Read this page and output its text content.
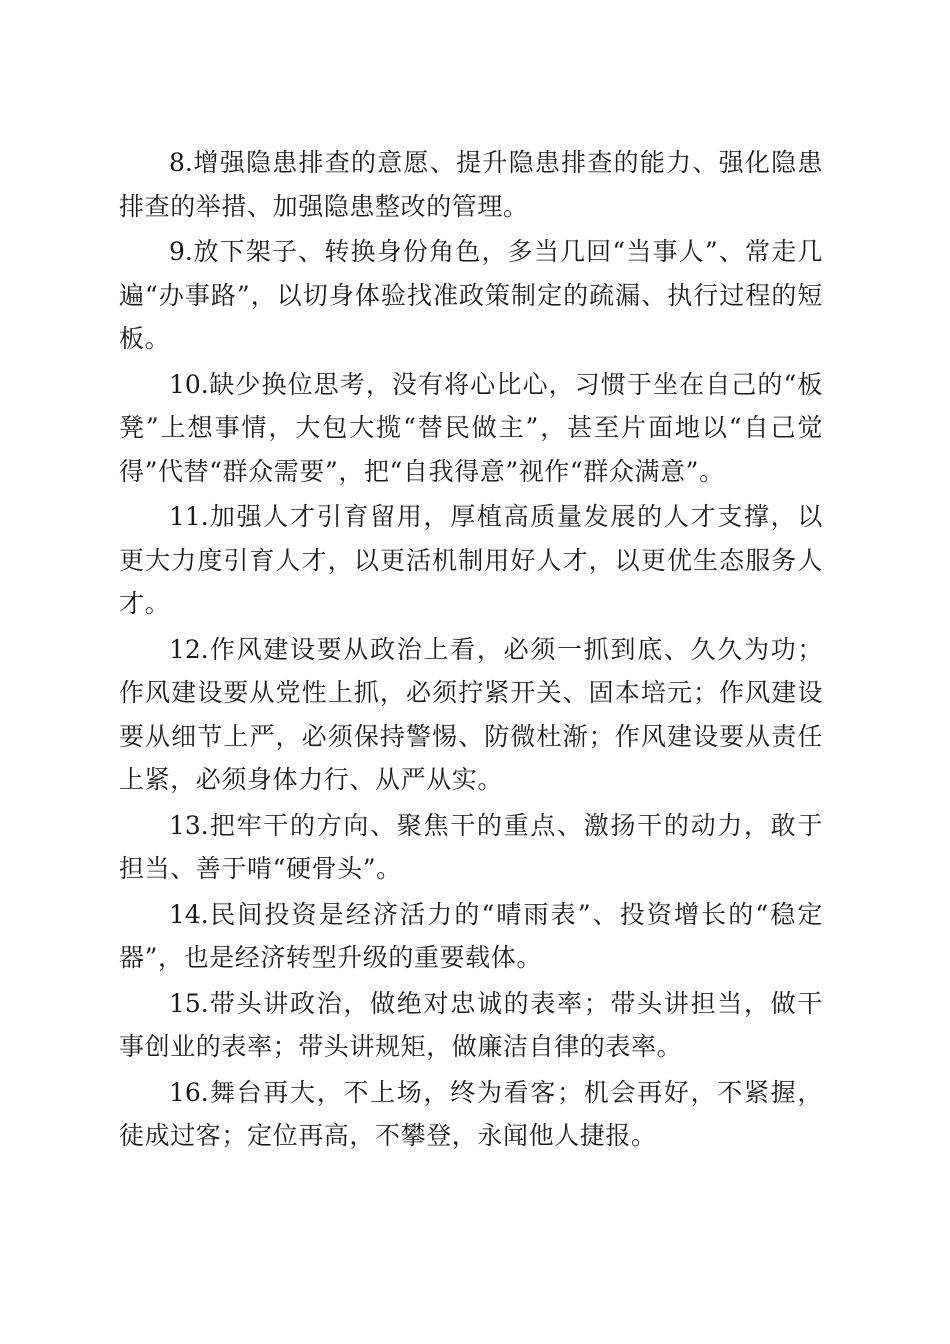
8.增强隐患排查的意愿、提升隐患排查的能力、强化隐患排查的举措、加强隐患整改的管理。

9.放下架子、转换身份角色，多当几回“当事人”、常走几遍“办事路”，以切身体验找准政策制定的疏漏、执行过程的短板。

10.缺少换位思考，没有将心比心，习惯于坐在自己的“板凳”上想事情，大包大揽“替民做主”，甚至片面地以“自己觉得”代替“群众需要”，把“自我得意”视作“群众满意”。

11.加强人才引育留用，厚植高质量发展的人才支撑，以更大力度引育人才，以更活机制用好人才，以更优生态服务人才。

12.作风建设要从政治上看，必须一抓到底、久久为功；作风建设要从党性上抓，必须拧紧开关、固本培元；作风建设要从细节上严，必须保持警惕、防微杜渐；作风建设要从责任上紧，必须身体力行、从严从实。

13.把牢干的方向、聚焦干的重点、激扬干的动力，敢于担当、善于啃“硬骨头”。

14.民间投资是经济活力的“晴雨表”、投资增长的“稳定器”，也是经济转型升级的重要载体。

15.带头讲政治，做绝对忠诚的表率；带头讲担当，做干事创业的表率；带头讲规矩，做廉洁自律的表率。

16.舞台再大，不上场，终为看客；机会再好，不紧握，徒成过客；定位再高，不攀登，永闻他人捷报。
